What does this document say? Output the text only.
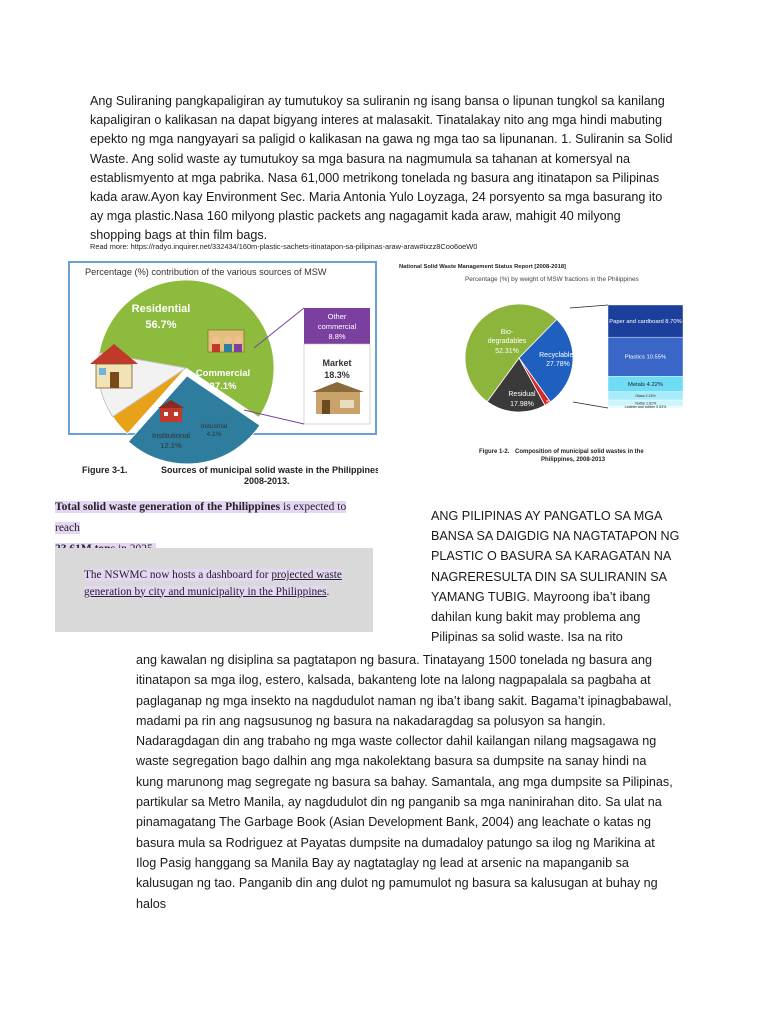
Ang Suliraning pangkapaligiran ay tumutukoy sa suliranin ng isang bansa o lipunan tungkol sa kanilang kapaligiran o kalikasan na dapat bigyang interes at malasakit. Tinatalakay nito ang mga hindi mabuting epekto ng mga nangyayari sa paligid o kalikasan na gawa ng mga tao sa lipunanan. 1. Suliranin sa Solid Waste. Ang solid waste ay tumutukoy sa mga basura na nagmumula sa tahanan at komersyal na establismyento at mga pabrika. Nasa 61,000 metrikong tonelada ng basura ang itinatapon sa Pilipinas kada araw.Ayon kay Environment Sec. Maria Antonia Yulo Loyzaga, 24 porsyento sa mga basurang ito ay mga plastic.Nasa 160 milyong plastic packets ang nagagamit kada araw, mahigit 40 milyong shopping bags at thin film bags.
Read more: https://radyo.inquirer.net/332434/160m-plastic-sachets-itinatapon-sa-pilipinas-araw-araw#ixzz8Coo6oeW0
Percentage (%) contribution of the various sources of MSW
Other
commercial
8.8%
Market
18.3%
Residential
56.7%
Commercial
27.1%
Industrial
4.1%
Institutional
12.1%
Figure 3-1.	Sources of municipal solid waste in the Philippines,
2008-2013.
National Solid Waste Management Status Report [2008-2018]
Percentage (%) by weight of MSW fractions in the Philippines
Paper and cardboard 8.70%
Plastics 10.55%
Metals 4.22%
Glass 2.24%
Textile 1.61%
Leather and rubber 0.53%
Bio-
degradables
52.31%
Recyclables
27.78%
Residual
17.98% Special
1.91%
Figure 1-2. Composition of municipal solid wastes in the
Philippines, 2008-2013
Total solid waste generation of the Philippines is expected to reach

The NSWMC now hosts a dashboard for projected waste generation by city and municipality in the Philippines.
ANG PILIPINAS AY PANGATLO SA MGA BANSA SA DAIGDIG NA NAGTATAPON NG PLASTIC O BASURA SA KARAGATAN NA NAGRERESULTA DIN SA SULIRANIN SA YAMANG TUBIG. Mayroong iba’t ibang dahilan kung bakit may problema ang Pilipinas sa solid waste. Isa na rito
ang kawalan ng disiplina sa pagtatapon ng basura. Tinatayang 1500 tonelada ng basura ang itinatapon sa mga ilog, estero, kalsada, bakanteng lote na lalong nagpapalala sa pagbaha at paglaganap ng mga insekto na nagdudulot naman ng iba’t ibang sakit. Bagama’t ipinagbabawal, madami pa rin ang nagsusunog ng basura na nakadaragdag sa polusyon sa hangin. Nadaragdagan din ang trabaho ng mga waste collector dahil kailangan nilang magsagawa ng waste segregation bago dalhin ang mga nakolektang basura sa dumpsite na sanay hindi na kung marunong mag segregate ng basura sa bahay. Samantala, ang mga dumpsite sa Pilipinas, partikular sa Metro Manila, ay nagdudulot din ng panganib sa mga naninirahan dito. Sa ulat na pinamagatang The Garbage Book (Asian Development Bank, 2004) ang leachate o katas ng basura mula sa Rodriguez at Payatas dumpsite na dumadaloy patungo sa ilog ng Marikina at Ilog Pasig hanggang sa Manila Bay ay nagtataglay ng lead at arsenic na mapanganib sa kalusugan ng tao. Panganib din ang dulot ng pamumulot ng basura sa kalusugan at buhay ng halos
